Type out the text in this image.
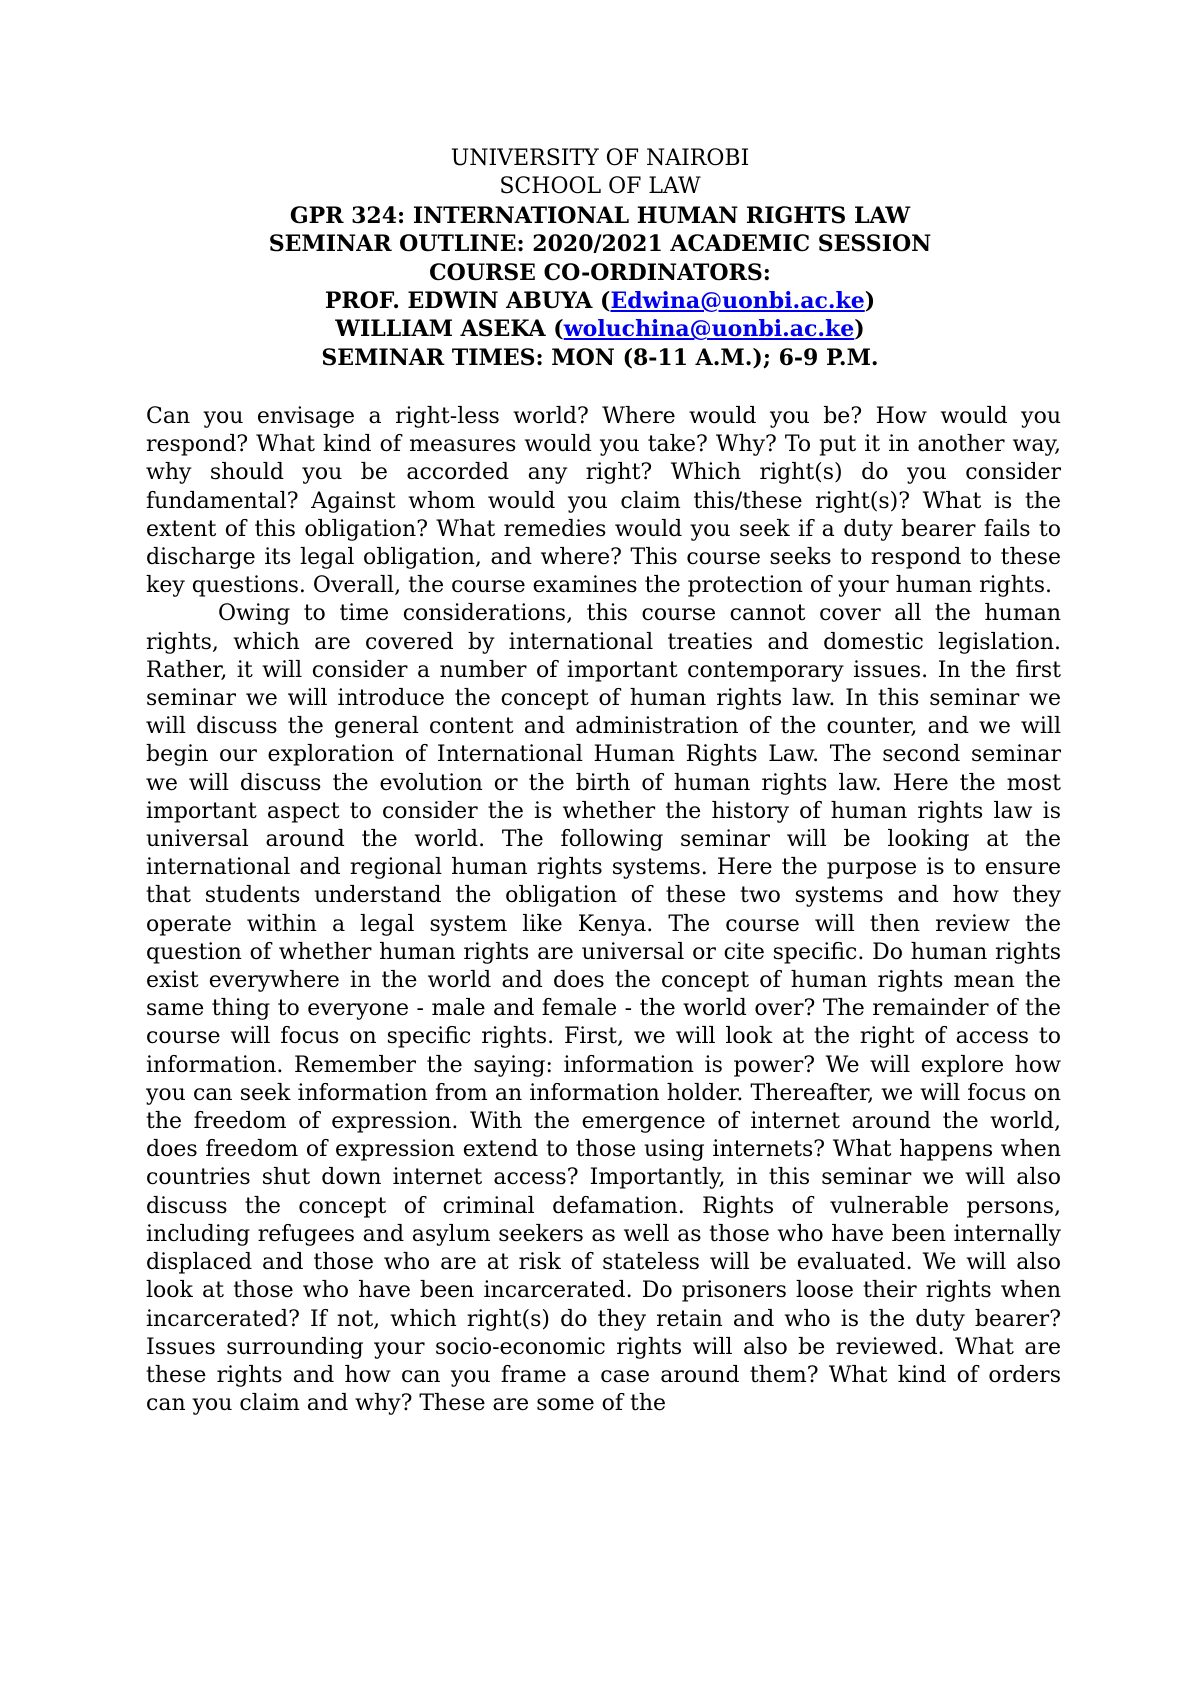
UNIVERSITY OF NAIROBI
SCHOOL OF LAW
GPR 324: INTERNATIONAL HUMAN RIGHTS LAW
SEMINAR OUTLINE: 2020/2021 ACADEMIC SESSION
COURSE CO-ORDINATORS:
PROF. EDWIN ABUYA (Edwina@uonbi.ac.ke)
WILLIAM ASEKA (woluchina@uonbi.ac.ke)
SEMINAR TIMES: MON (8-11 A.M.); 6-9 P.M.

Can you envisage a right-less world? Where would you be? How would you respond? What kind of measures would you take? Why? To put it in another way, why should you be accorded any right? Which right(s) do you consider fundamental? Against whom would you claim this/these right(s)? What is the extent of this obligation? What remedies would you seek if a duty bearer fails to discharge its legal obligation, and where? This course seeks to respond to these key questions. Overall, the course examines the protection of your human rights.

Owing to time considerations, this course cannot cover all the human rights, which are covered by international treaties and domestic legislation. Rather, it will consider a number of important contemporary issues. In the first seminar we will introduce the concept of human rights law. In this seminar we will discuss the general content and administration of the counter, and we will begin our exploration of International Human Rights Law. The second seminar we will discuss the evolution or the birth of human rights law. Here the most important aspect to consider the is whether the history of human rights law is universal around the world. The following seminar will be looking at the international and regional human rights systems. Here the purpose is to ensure that students understand the obligation of these two systems and how they operate within a legal system like Kenya. The course will then review the question of whether human rights are universal or cite specific. Do human rights exist everywhere in the world and does the concept of human rights mean the same thing to everyone - male and female - the world over? The remainder of the course will focus on specific rights. First, we will look at the right of access to information. Remember the saying: information is power? We will explore how you can seek information from an information holder. Thereafter, we will focus on the freedom of expression. With the emergence of internet around the world, does freedom of expression extend to those using internets? What happens when countries shut down internet access? Importantly, in this seminar we will also discuss the concept of criminal defamation. Rights of vulnerable persons, including refugees and asylum seekers as well as those who have been internally displaced and those who are at risk of stateless will be evaluated. We will also look at those who have been incarcerated. Do prisoners loose their rights when incarcerated? If not, which right(s) do they retain and who is the duty bearer? Issues surrounding your socio-economic rights will also be reviewed. What are these rights and how can you frame a case around them? What kind of orders can you claim and why? These are some of the
